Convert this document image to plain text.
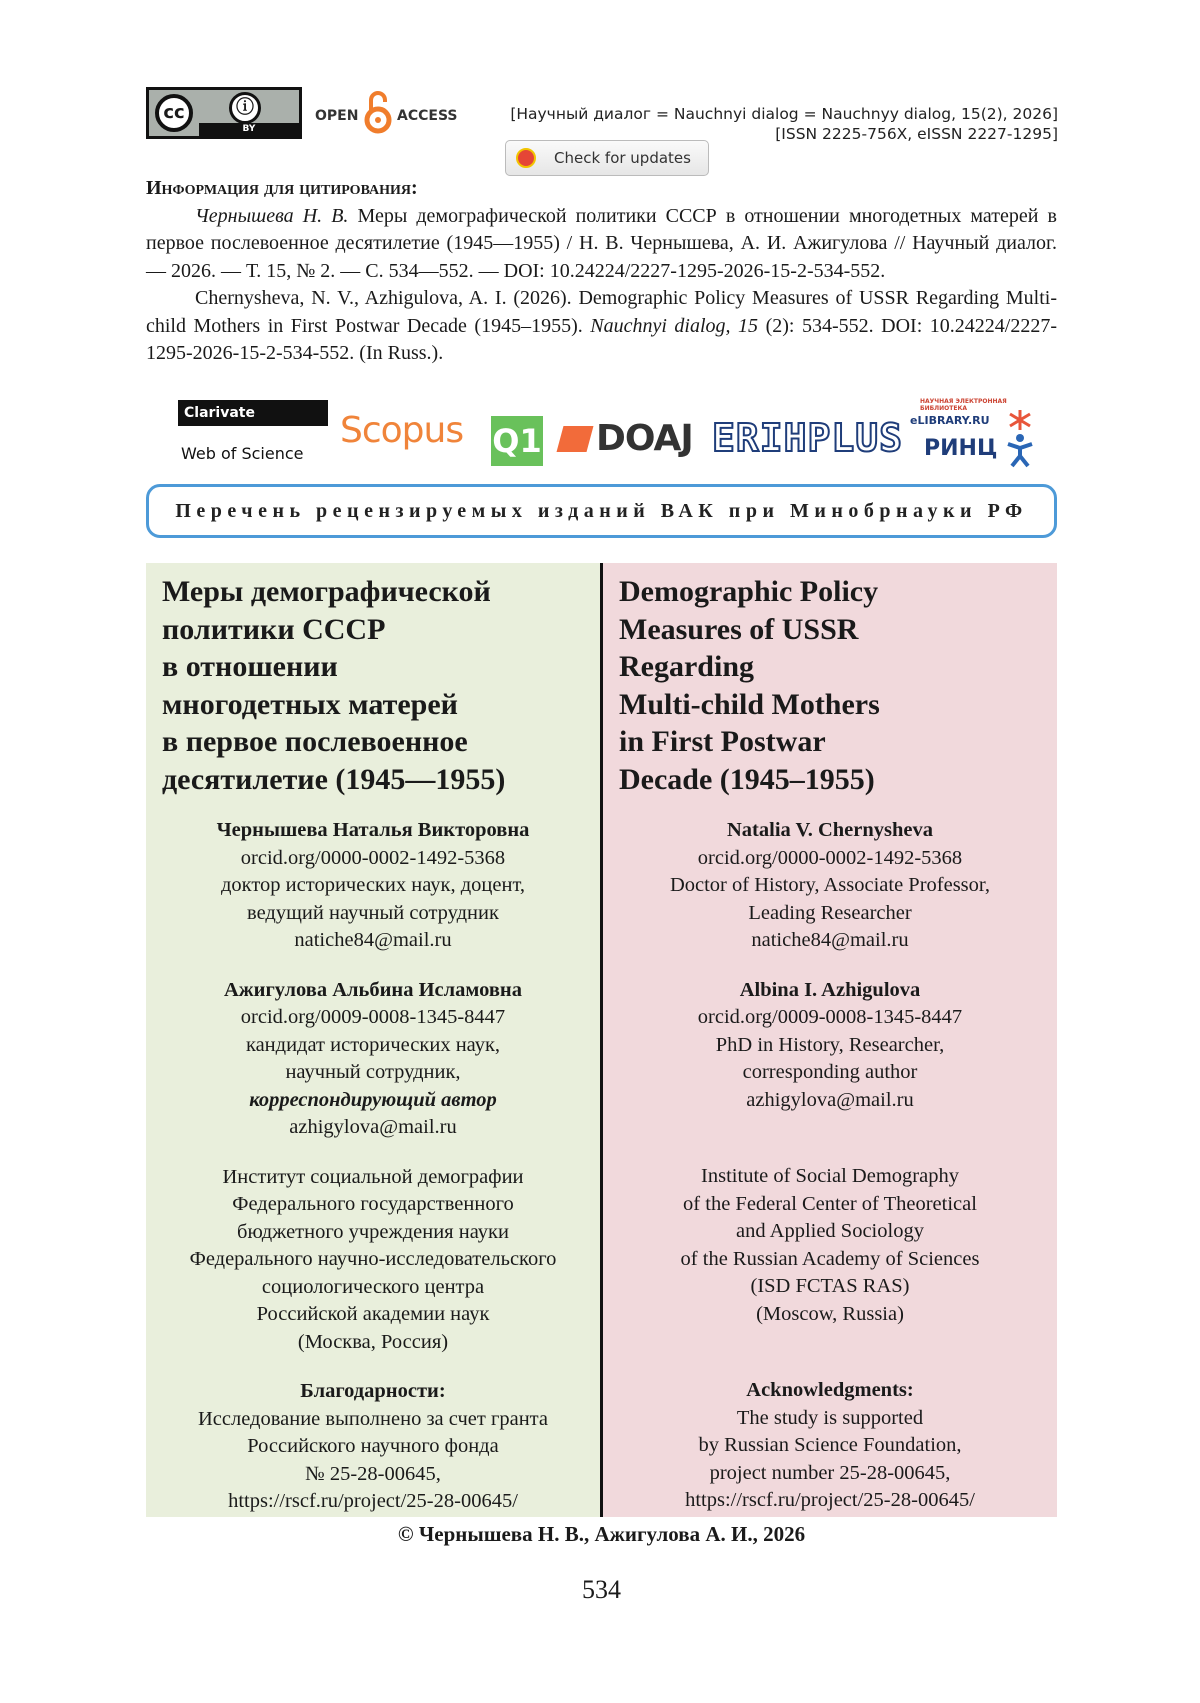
cc	ⓘ
BY
OPEN	ACCESS	[Научный диалог = Nauchnyi dialog = Nauchnyy dialog, 15(2), 2026]
[ISSN 2225-756X, eISSN 2227-1295]
Check for updates
Информация для цитирования:

Чернышева Н. В. Меры демографической политики СССР в отношении многодетных матерей в первое послевоенное десятилетие (1945—1955) / Н. В. Чернышева, А. И. Ажигулова // Научный диалог. — 2026. — Т. 15, № 2. — С. 534—552. — DOI: 10.24224/2227-1295-2026-15-2-534-552.

Chernysheva, N. V., Azhigulova, A. I. (2026). Demographic Policy Measures of USSR Regarding Multi-child Mothers in First Postwar Decade (1945–1955). Nauchnyi dialog, 15 (2): 534-552. DOI: 10.24224/2227-1295-2026-15-2-534-552. (In Russ.).

Clarivate
Web of Science
Scopus Q1	DOAJ ERIHPLUS
НАУЧНАЯ ЭЛЕКТРОННАЯ БИБЛИОТЕКА
eLIBRARY.RU
РИНЦ
Перечень рецензируемых изданий ВАК при Минобрнауки РФ
Меры демографической
политики СССР
в отношении
многодетных матерей
в первое послевоенное
десятилетие (1945—1955)
Чернышева Наталья Викторовна
orcid.org/0000-0002-1492-5368
доктор исторических наук, доцент,
ведущий научный сотрудник
natiche84@mail.ru
Ажигулова Альбина Исламовна
orcid.org/0009-0008-1345-8447
кандидат исторических наук,
научный сотрудник,
корреспондирующий автор
azhigylova@mail.ru
Институт социальной демографии
Федерального государственного
бюджетного учреждения науки
Федерального научно-исследовательского
социологического центра
Российской академии наук
(Москва, Россия)
Благодарности:
Исследование выполнено за счет гранта
Российского научного фонда
№ 25-28-00645,
https://rscf.ru/project/25-28-00645/
Demographic Policy
Measures of USSR
Regarding
Multi-child Mothers
in First Postwar
Decade (1945–1955)
Natalia V. Chernysheva
orcid.org/0000-0002-1492-5368
Doctor of History, Associate Professor,
Leading Researcher
natiche84@mail.ru
Albina I. Azhigulova
orcid.org/0009-0008-1345-8447
PhD in History, Researcher,
corresponding author
azhigylova@mail.ru
Institute of Social Demography
of the Federal Center of Theoretical
and Applied Sociology
of the Russian Academy of Sciences
(ISD FCTAS RAS)
(Moscow, Russia)
Acknowledgments:
The study is supported
by Russian Science Foundation,
project number 25-28-00645,
https://rscf.ru/project/25-28-00645/
© Чернышева Н. В., Ажигулова А. И., 2026
534
